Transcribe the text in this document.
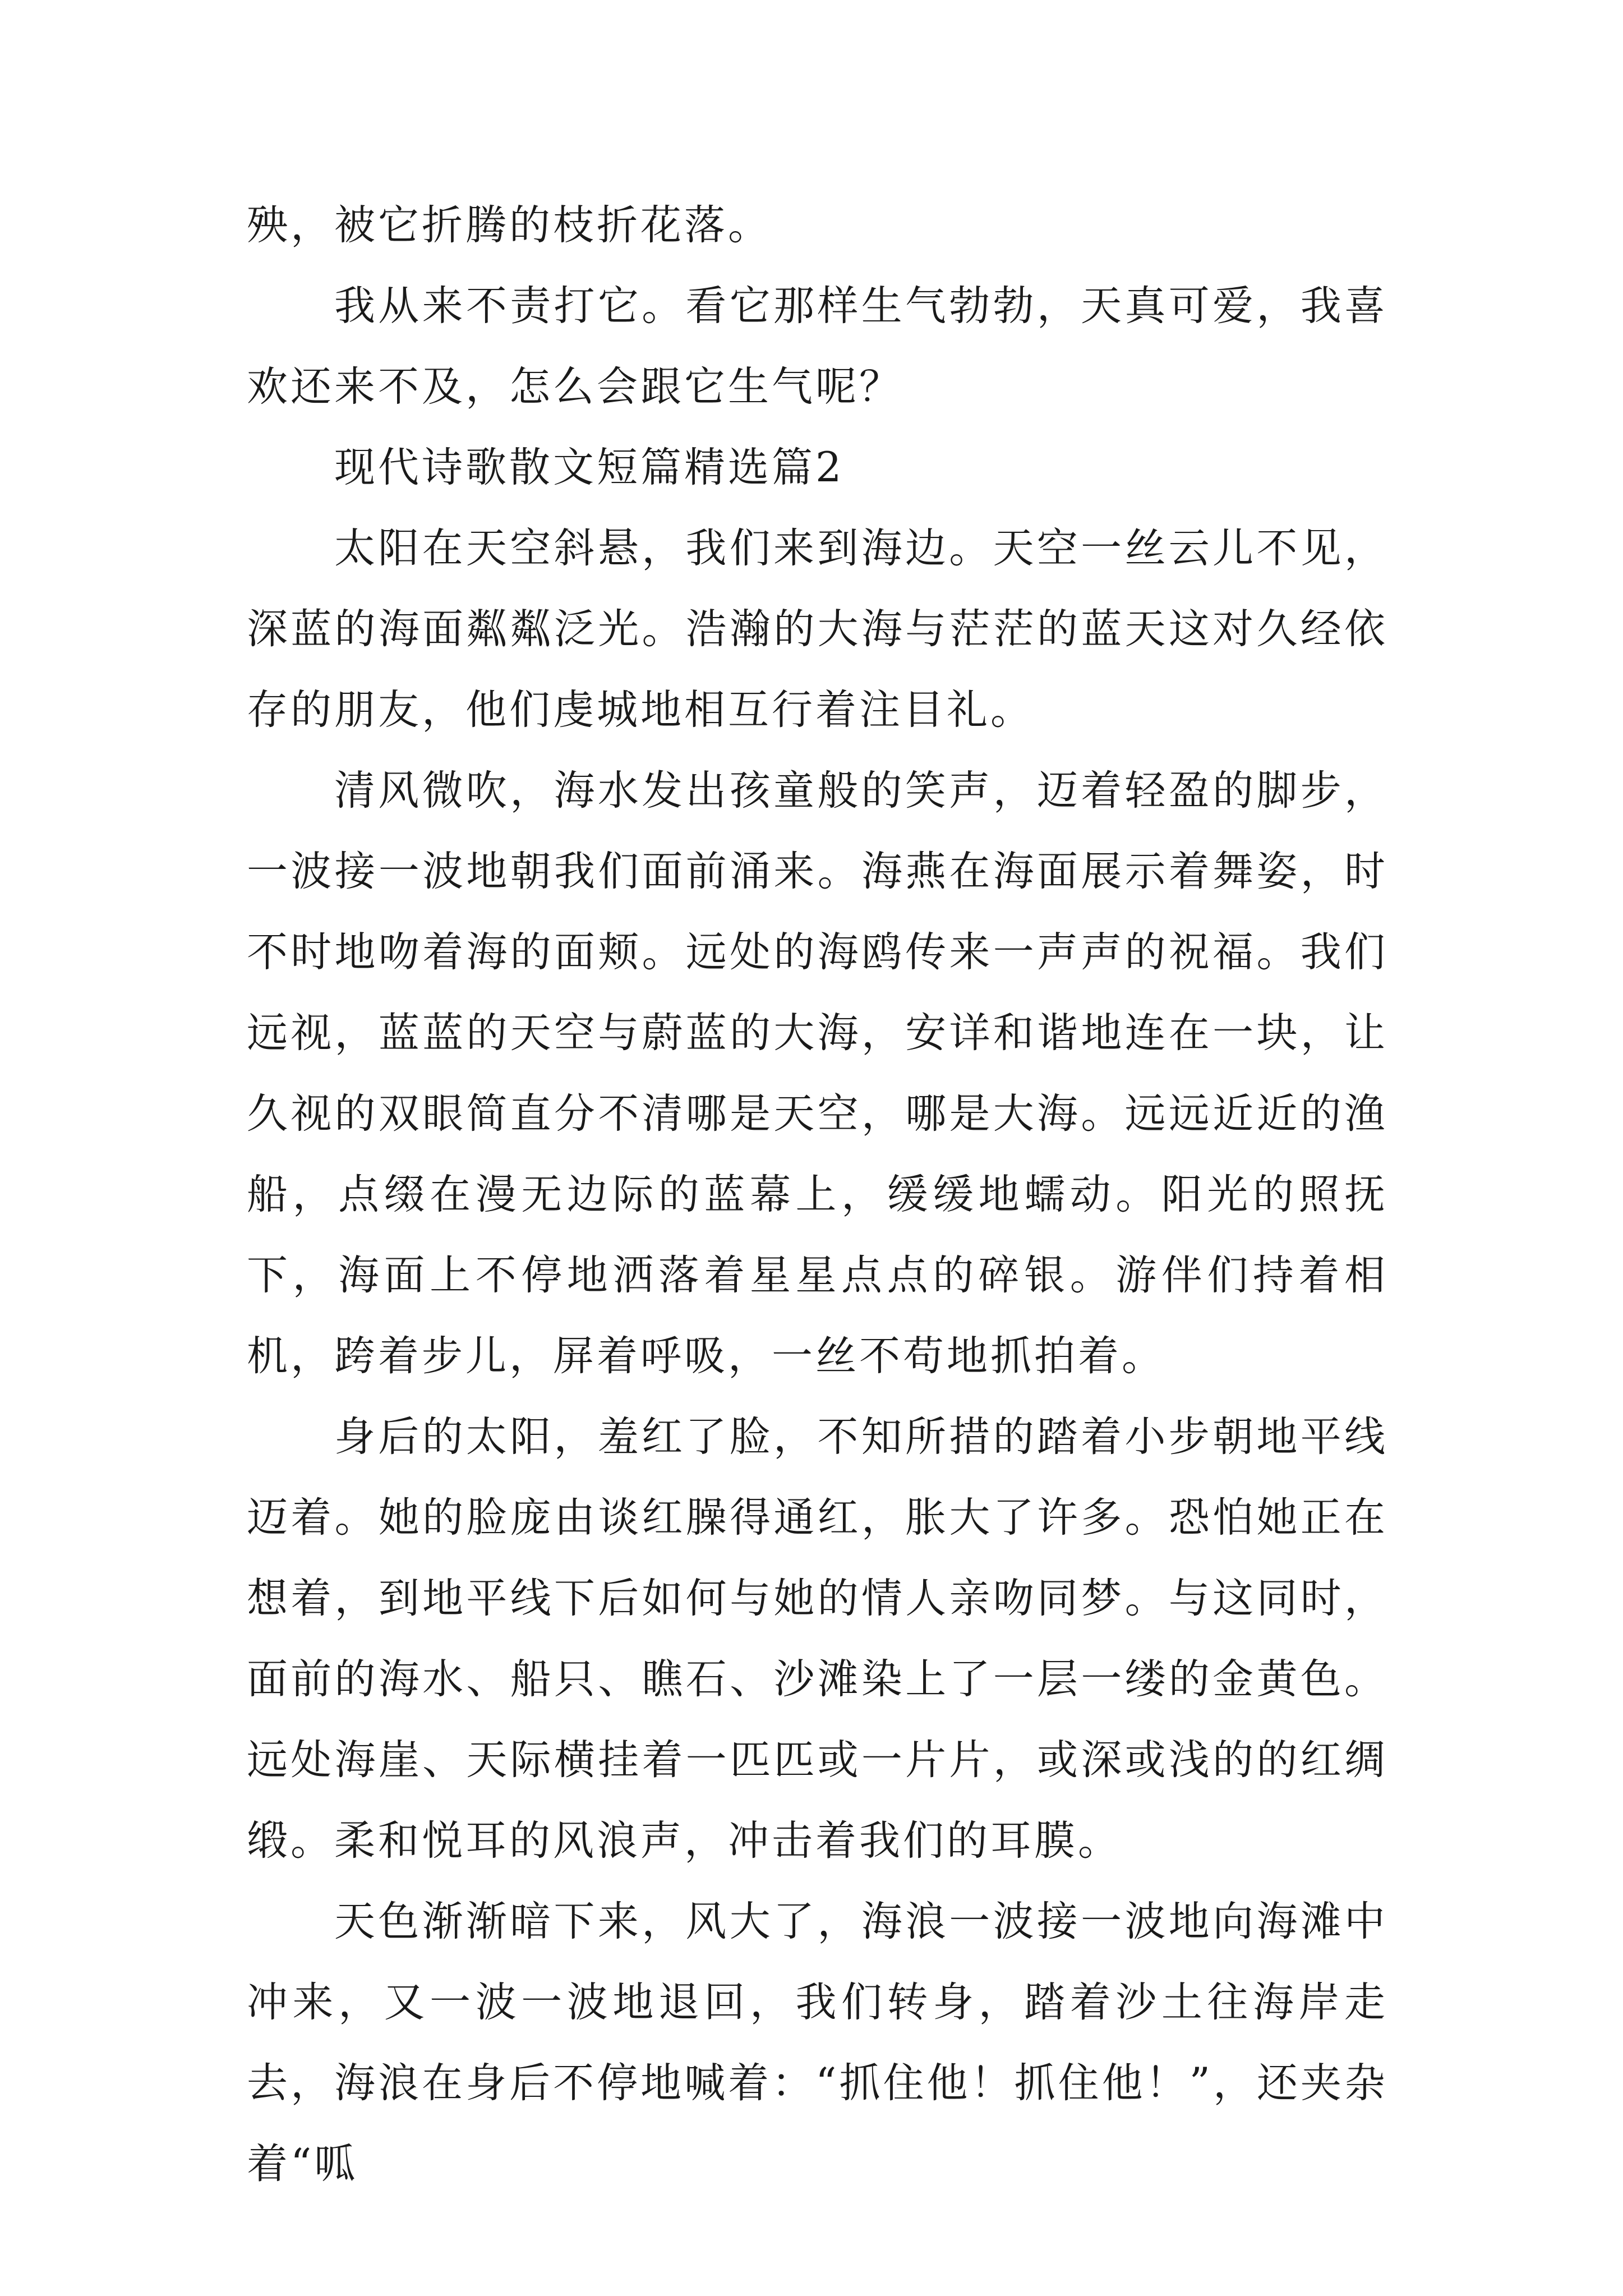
殃，被它折腾的枝折花落。

我从来不责打它。看它那样生气勃勃，天真可爱，我喜欢还来不及，怎么会跟它生气呢？

现代诗歌散文短篇精选篇2

太阳在天空斜悬，我们来到海边。天空一丝云儿不见，深蓝的海面粼粼泛光。浩瀚的大海与茫茫的蓝天这对久经依存的朋友，他们虔城地相互行着注目礼。

清风微吹，海水发出孩童般的笑声，迈着轻盈的脚步，一波接一波地朝我们面前涌来。海燕在海面展示着舞姿，时不时地吻着海的面颊。远处的海鸥传来一声声的祝福。我们远视，蓝蓝的天空与蔚蓝的大海，安详和谐地连在一块，让久视的双眼简直分不清哪是天空，哪是大海。远远近近的渔船，点缀在漫无边际的蓝幕上，缓缓地蠕动。阳光的照抚下，海面上不停地洒落着星星点点的碎银。游伴们持着相机，跨着步儿，屏着呼吸，一丝不苟地抓拍着。

身后的太阳，羞红了脸，不知所措的踏着小步朝地平线迈着。她的脸庞由谈红臊得通红，胀大了许多。恐怕她正在想着，到地平线下后如何与她的情人亲吻同梦。与这同时，面前的海水、船只、瞧石、沙滩染上了一层一缕的金黄色。远处海崖、天际横挂着一匹匹或一片片，或深或浅的的红绸缎。柔和悦耳的风浪声，冲击着我们的耳膜。

天色渐渐暗下来，风大了，海浪一波接一波地向海滩中冲来，又一波一波地退回，我们转身，踏着沙土往海岸走去，海浪在身后不停地喊着：“抓住他！抓住他！”，还夹杂着“呱
